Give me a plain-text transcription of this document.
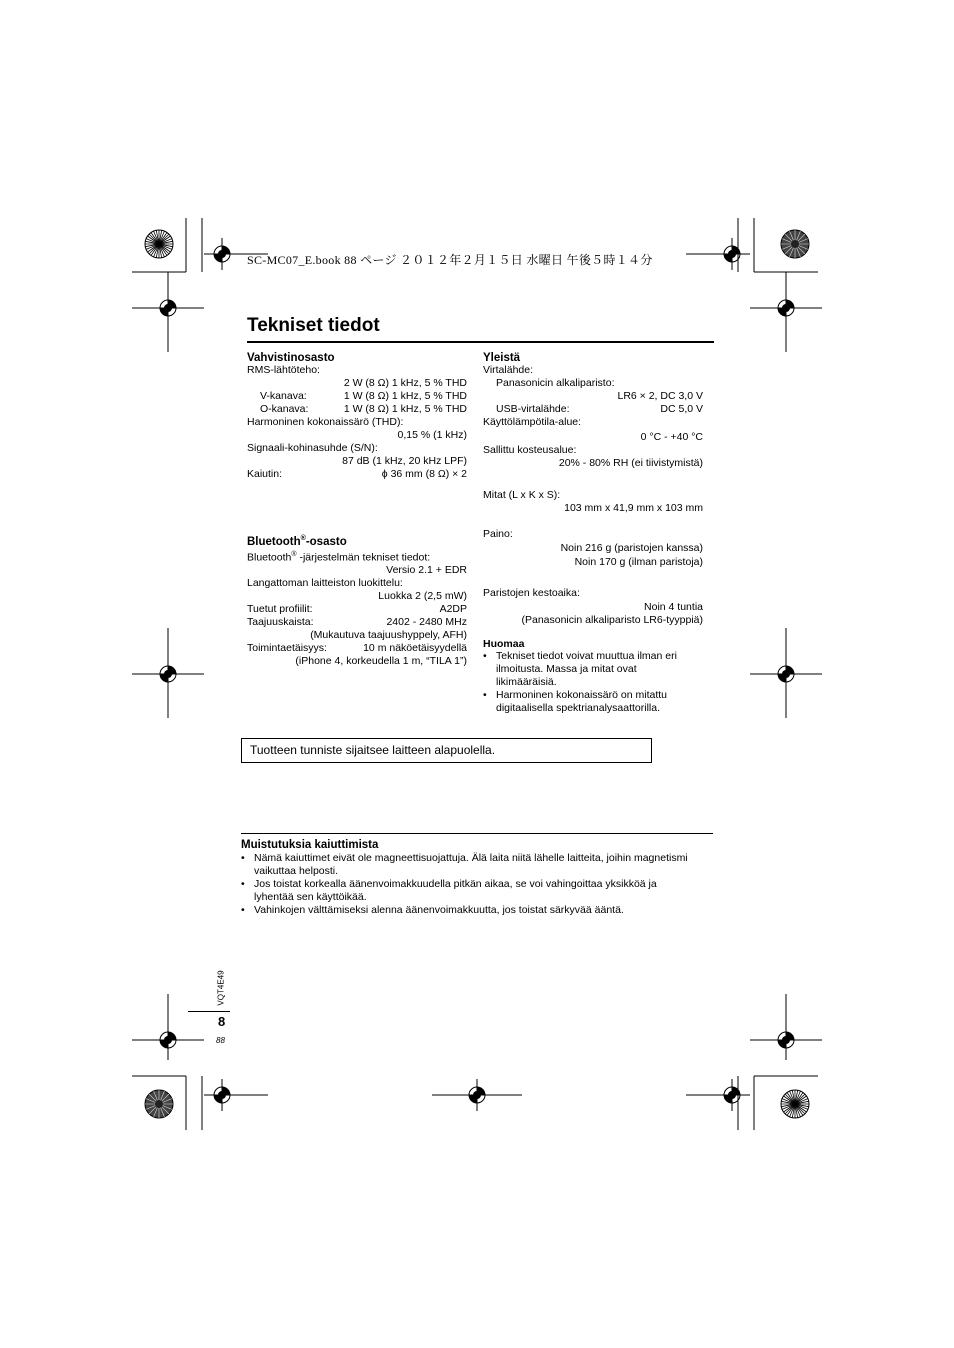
SC-MC07_E.book 88 ページ ２０１２年２月１５日 水曜日 午後５時１４分
Tekniset tiedot
Vahvistinosasto
RMS-lähtöteho:
2 W (8 Ω) 1 kHz, 5 % THD
V-kanava:	1 W (8 Ω) 1 kHz, 5 % THD
O-kanava:	1 W (8 Ω) 1 kHz, 5 % THD
Harmoninen kokonaissärö (THD):
0,15 % (1 kHz)
Signaali-kohinasuhde (S/N):
87 dB (1 kHz, 20 kHz LPF)
Kaiutin:	ϕ 36 mm (8 Ω) × 2
Bluetooth®-osasto
Bluetooth® -järjestelmän tekniset tiedot:
Versio 2.1 + EDR
Langattoman laitteiston luokittelu:
Luokka 2 (2,5 mW)
Tuetut profiilit:	A2DP
Taajuuskaista:	2402 - 2480 MHz
(Mukautuva taajuushyppely, AFH)
Toimintaetäisyys:	10 m näköetäisyydellä
(iPhone 4, korkeudella 1 m, “TILA 1”)
Yleistä
Virtalähde:
Panasonicin alkaliparisto:
LR6 × 2, DC 3,0 V
USB-virtalähde:	DC 5,0 V
Käyttölämpötila-alue:
0 °C - +40 °C
Sallittu kosteusalue:
20% - 80% RH (ei tiivistymistä)
Mitat (L x K x S):
103 mm x 41,9 mm x 103 mm
Paino:
Noin 216 g (paristojen kanssa)
Noin 170 g (ilman paristoja)
Paristojen kestoaika:
Noin 4 tuntia
(Panasonicin alkaliparisto LR6-tyyppiä)
Huomaa
• Tekniset tiedot voivat muuttua ilman eri
ilmoitusta. Massa ja mitat ovat
likimääräisiä.
• Harmoninen kokonaissärö on mitattu
digitaalisella spektrianalysaattorilla.
Tuotteen tunniste sijaitsee laitteen alapuolella.
Muistutuksia kaiuttimista
• Nämä kaiuttimet eivät ole magneettisuojattuja. Älä laita niitä lähelle laitteita, joihin magnetismi
vaikuttaa helposti.
• Jos toistat korkealla äänenvoimakkuudella pitkän aikaa, se voi vahingoittaa yksikköä ja
lyhentää sen käyttöikää.
• Vahinkojen välttämiseksi alenna äänenvoimakkuutta, jos toistat särkyvää ääntä.
VQT4E49
8
88
